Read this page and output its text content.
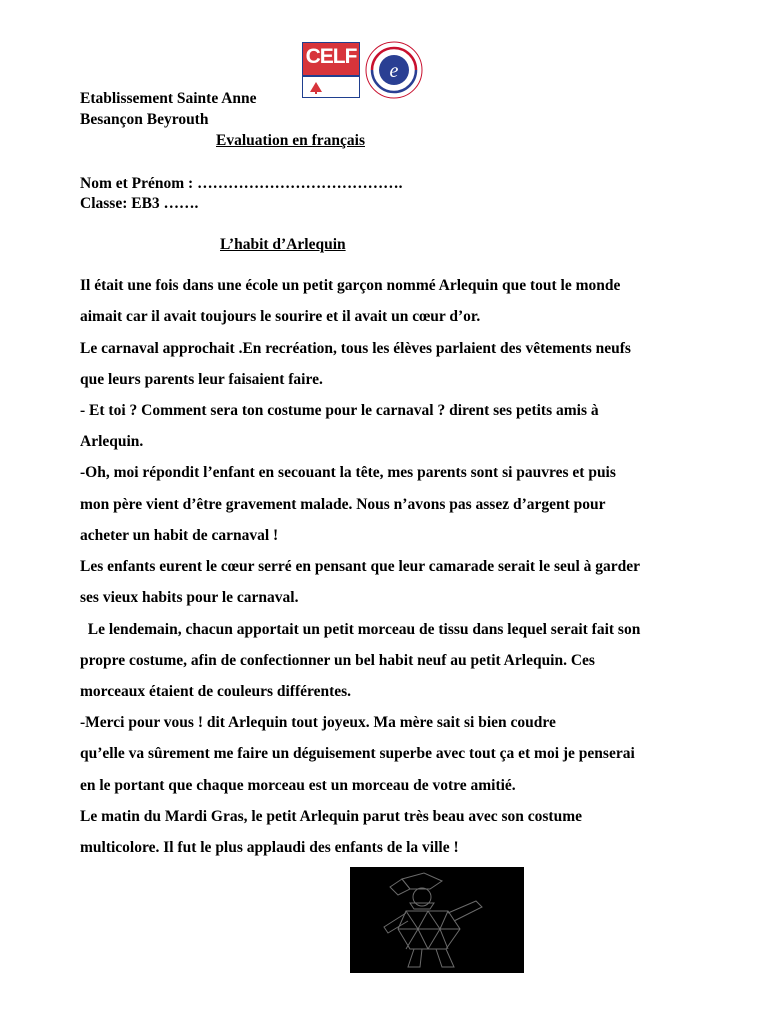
CELF
e
Etablissement Sainte Anne
Besançon Beyrouth
Evaluation en français
Nom et Prénom : ………………………………….
Classe: EB3 …….
L’habit d’Arlequin
Il était une fois dans une école un petit garçon nommé Arlequin que tout le monde
aimait car il avait toujours le sourire et il avait un cœur d’or.
Le carnaval approchait .En recréation, tous les élèves parlaient des vêtements neufs
que leurs parents leur faisaient faire.
- Et toi ? Comment sera ton costume pour le carnaval ? dirent ses petits amis à
Arlequin.
-Oh, moi répondit l’enfant en secouant la tête, mes parents sont si pauvres et puis
mon père vient d’être gravement malade. Nous n’avons pas assez d’argent pour
acheter un habit de carnaval !
Les enfants eurent le cœur serré en pensant que leur camarade serait le seul à garder
ses vieux habits pour le carnaval.
Le lendemain, chacun apportait un petit morceau de tissu dans lequel serait fait son
propre costume, afin de confectionner un bel habit neuf au petit Arlequin. Ces
morceaux étaient de couleurs différentes.
-Merci pour vous ! dit Arlequin tout joyeux. Ma mère sait si bien coudre
qu’elle va sûrement me faire un déguisement superbe avec tout ça et moi je penserai
en le portant que chaque morceau est un morceau de votre amitié.
Le matin du Mardi Gras, le petit Arlequin parut très beau avec son costume
multicolore. Il fut le plus applaudi des enfants de la ville !
